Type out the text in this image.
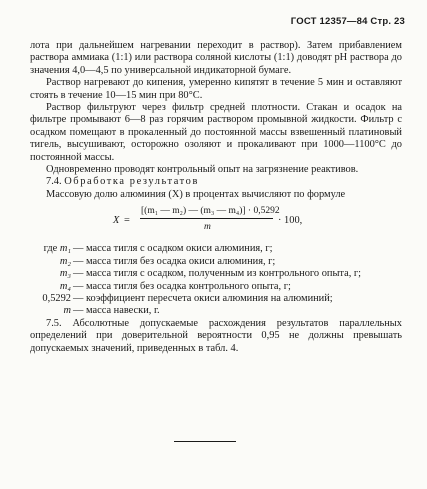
ГОСТ 12357—84 Стр. 23

лота при дальнейшем нагревании переходит в раствор). Затем прибавлением раствора аммиака (1:1) или раствора соляной кислоты (1:1) доводят pH раствора до значения 4,0—4,5 по универсальной индикаторной бумаге.

Раствор нагревают до кипения, умеренно кипятят в течение 5 мин и оставляют стоять в течение 10—15 мин при 80°С.

Раствор фильтруют через фильтр средней плотности. Стакан и осадок на фильтре промывают 6—8 раз горячим раствором промывной жидкости. Фильтр с осадком помещают в прокаленный до постоянной массы взвешенный платиновый тигель, высушивают, осторожно озоляют и прокаливают при 1000—1100°С до постоянной массы.

Одновременно проводят контрольный опыт на загрязнение реактивов.

7.4. Обработка результатов

Массовую долю алюминия (X) в процентах вычисляют по формуле

X =
[(m₁ — m₂) — (m₃ — m₄)] · 0,5292
m
· 100,
где m₁ — масса тигля с осадком окиси алюминия, г;
m₂ — масса тигля без осадка окиси алюминия, г;
m₃ — масса тигля с осадком, полученным из контрольного опыта, г;
m₄ — масса тигля без осадка контрольного опыта, г;
0,5292 — коэффициент пересчета окиси алюминия на алюминий;
m — масса навески, г.

7.5. Абсолютные допускаемые расхождения результатов параллельных определений при доверительной вероятности 0,95 не должны превышать допускаемых значений, приведенных в табл. 4.
